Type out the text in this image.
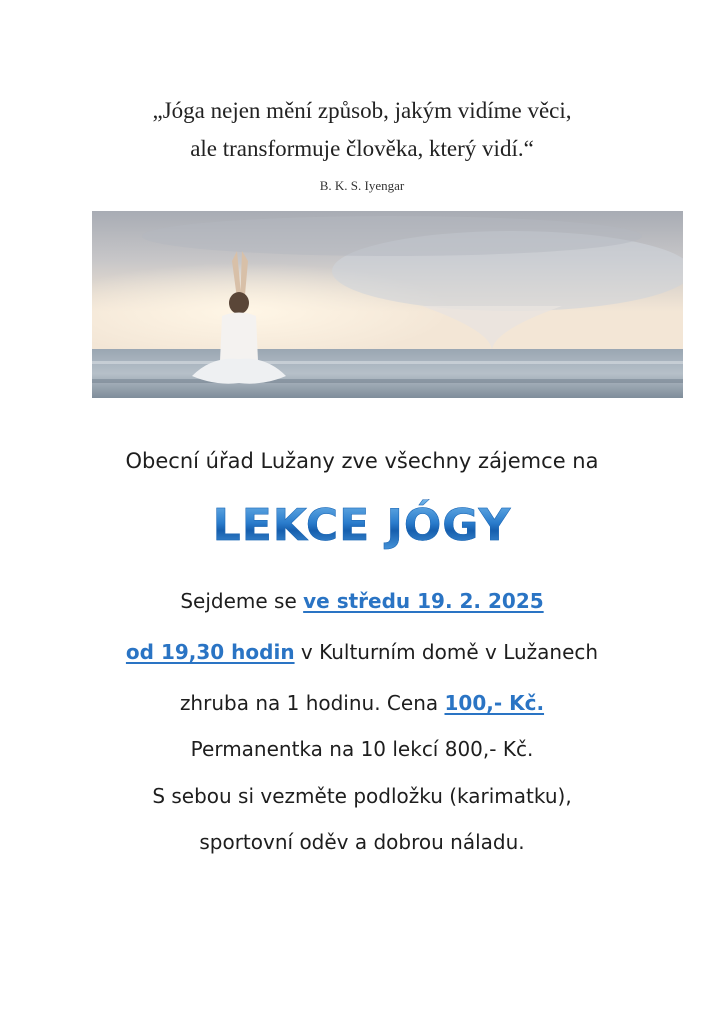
„Jóga nejen mění způsob, jakým vidíme věci,
ale transformuje člověka, který vidí.“
B. K. S. Iyengar
Obecní úřad Lužany zve všechny zájemce na
LEKCE JÓGY
Sejdeme se ve středu 19. 2. 2025
od 19,30 hodin v Kulturním domě v Lužanech
zhruba na 1 hodinu. Cena 100,- Kč.
Permanentka na 10 lekcí 800,- Kč.
S sebou si vezměte podložku (karimatku),
sportovní oděv a dobrou náladu.
